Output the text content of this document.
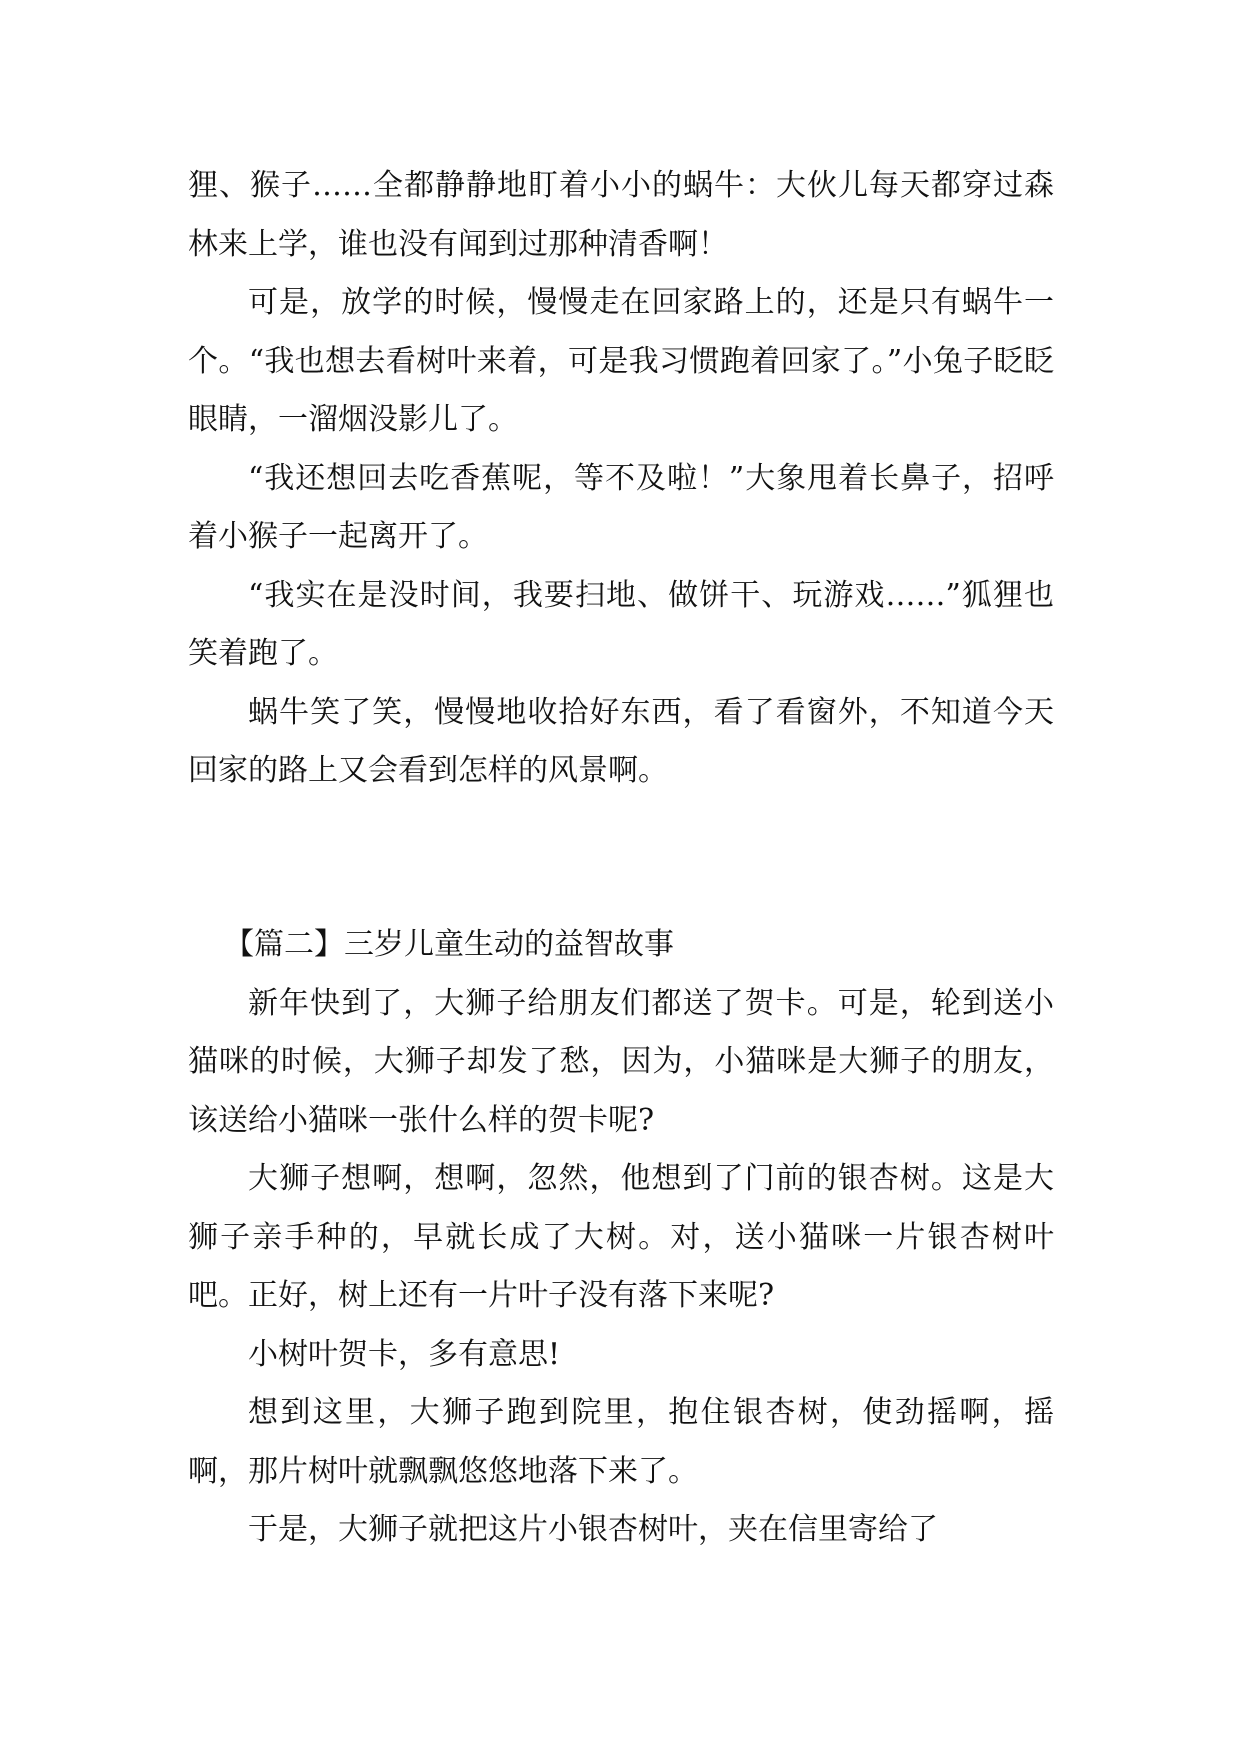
狸、猴子……全都静静地盯着小小的蜗牛：大伙儿每天都穿过森林来上学，谁也没有闻到过那种清香啊！

可是，放学的时候，慢慢走在回家路上的，还是只有蜗牛一个。“我也想去看树叶来着，可是我习惯跑着回家了。”小兔子眨眨眼睛，一溜烟没影儿了。

“我还想回去吃香蕉呢，等不及啦！”大象甩着长鼻子，招呼着小猴子一起离开了。

“我实在是没时间，我要扫地、做饼干、玩游戏……”狐狸也笑着跑了。

蜗牛笑了笑，慢慢地收拾好东西，看了看窗外，不知道今天回家的路上又会看到怎样的风景啊。

【篇二】三岁儿童生动的益智故事

新年快到了，大狮子给朋友们都送了贺卡。可是，轮到送小猫咪的时候，大狮子却发了愁，因为，小猫咪是大狮子的朋友，该送给小猫咪一张什么样的贺卡呢?

大狮子想啊，想啊，忽然，他想到了门前的银杏树。这是大狮子亲手种的，早就长成了大树。对，送小猫咪一片银杏树叶吧。正好，树上还有一片叶子没有落下来呢?

小树叶贺卡，多有意思!

想到这里，大狮子跑到院里，抱住银杏树，使劲摇啊，摇啊，那片树叶就飘飘悠悠地落下来了。

于是，大狮子就把这片小银杏树叶，夹在信里寄给了
